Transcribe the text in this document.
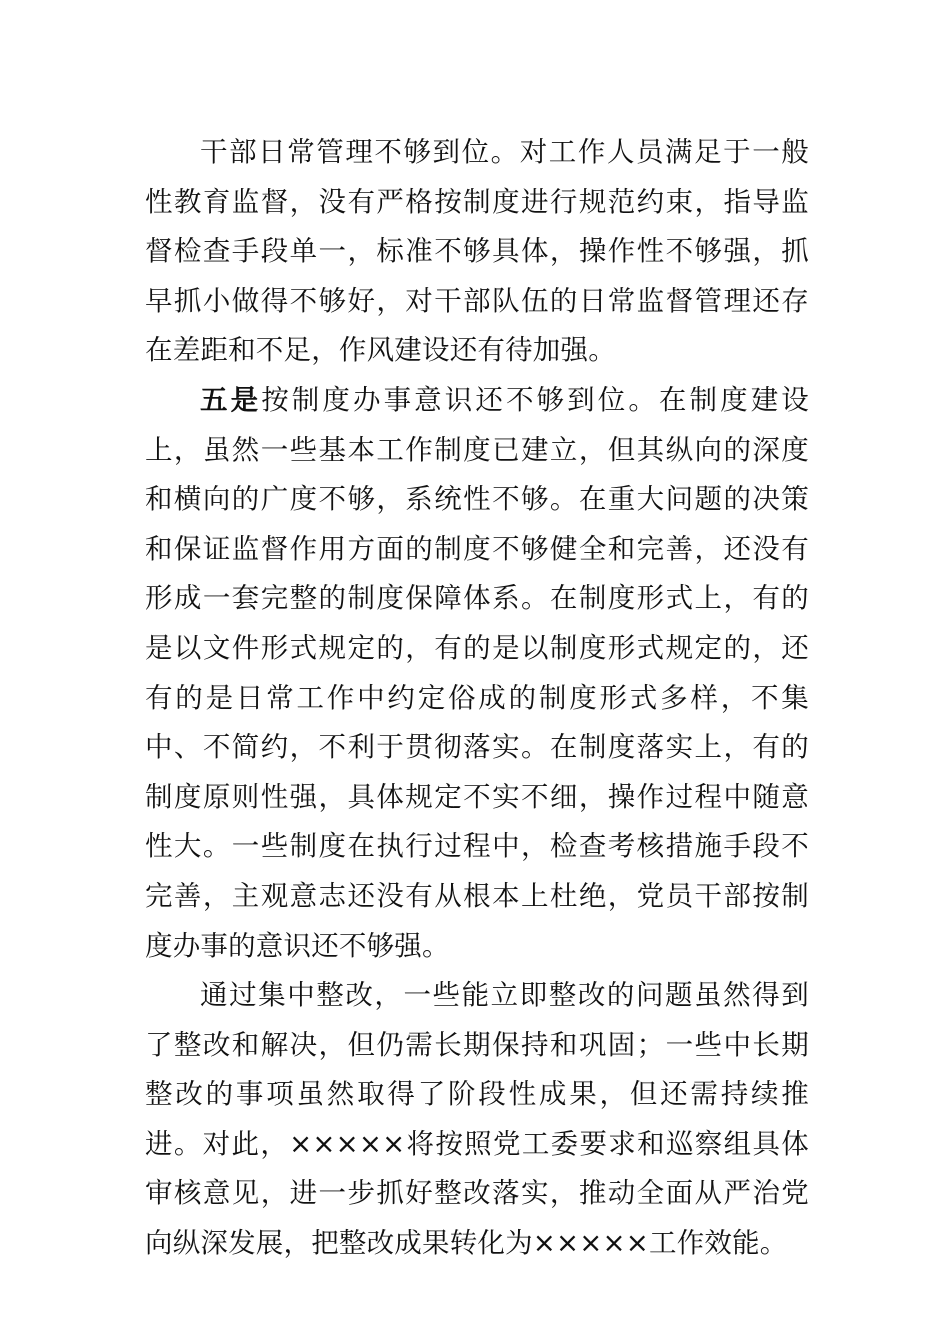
干部日常管理不够到位。对工作人员满足于一般性教育监督，没有严格按制度进行规范约束，指导监督检查手段单一，标准不够具体，操作性不够强，抓早抓小做得不够好，对干部队伍的日常监督管理还存在差距和不足，作风建设还有待加强。

五是按制度办事意识还不够到位。在制度建设上，虽然一些基本工作制度已建立，但其纵向的深度和横向的广度不够，系统性不够。在重大问题的决策和保证监督作用方面的制度不够健全和完善，还没有形成一套完整的制度保障体系。在制度形式上，有的是以文件形式规定的，有的是以制度形式规定的，还有的是日常工作中约定俗成的制度形式多样，不集中、不简约，不利于贯彻落实。在制度落实上，有的制度原则性强，具体规定不实不细，操作过程中随意性大。一些制度在执行过程中，检查考核措施手段不完善，主观意志还没有从根本上杜绝，党员干部按制度办事的意识还不够强。

通过集中整改，一些能立即整改的问题虽然得到了整改和解决，但仍需长期保持和巩固；一些中长期整改的事项虽然取得了阶段性成果，但还需持续推进。对此，×××××将按照党工委要求和巡察组具体审核意见，进一步抓好整改落实，推动全面从严治党向纵深发展，把整改成果转化为×××××工作效能。
